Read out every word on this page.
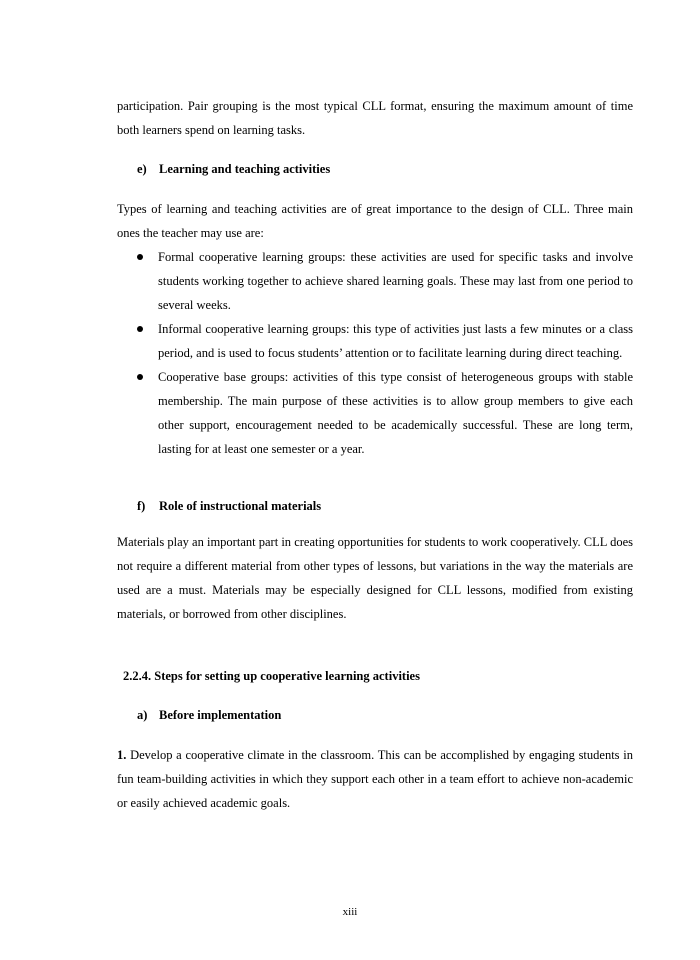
participation. Pair grouping is the most typical CLL format, ensuring the maximum amount of time both learners spend on learning tasks.

e) Learning and teaching activities

Types of learning and teaching activities are of great importance to the design of CLL. Three main ones the teacher may use are:

Formal cooperative learning groups: these activities are used for specific tasks and involve students working together to achieve shared learning goals. These may last from one period to several weeks.
Informal cooperative learning groups: this type of activities just lasts a few minutes or a class period, and is used to focus students’ attention or to facilitate learning during direct teaching.
Cooperative base groups: activities of this type consist of heterogeneous groups with stable membership. The main purpose of these activities is to allow group members to give each other support, encouragement needed to be academically successful. These are long term, lasting for at least one semester or a year.
f) Role of instructional materials

Materials play an important part in creating opportunities for students to work cooperatively. CLL does not require a different material from other types of lessons, but variations in the way the materials are used are a must. Materials may be especially designed for CLL lessons, modified from existing materials, or borrowed from other disciplines.

2.2.4. Steps for setting up cooperative learning activities
a) Before implementation

1. Develop a cooperative climate in the classroom. This can be accomplished by engaging students in fun team-building activities in which they support each other in a team effort to achieve non-academic or easily achieved academic goals.

xiii
